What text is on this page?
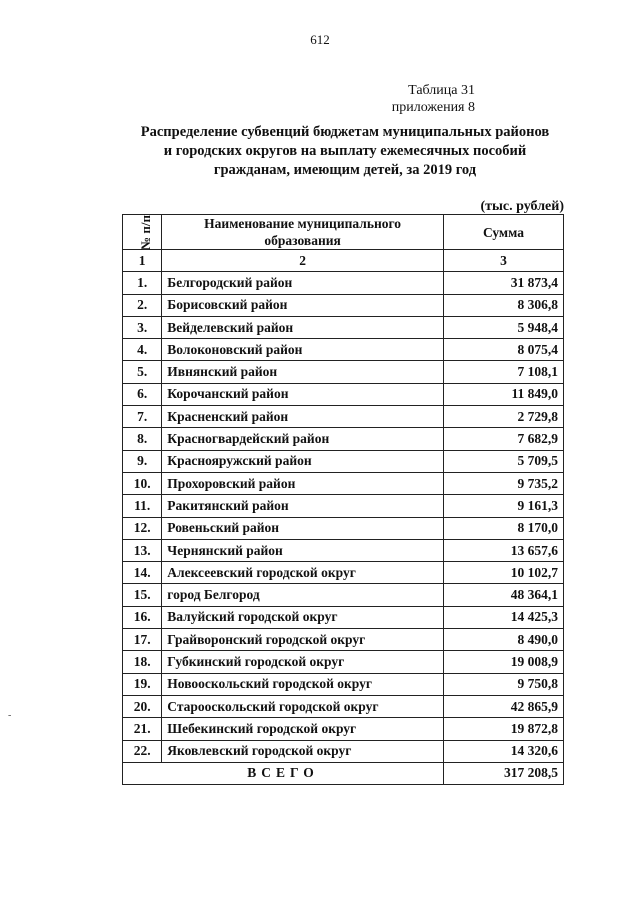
612
Таблица 31
приложения 8
Распределение субвенций бюджетам муниципальных районов
и городских округов на выплату ежемесячных пособий
гражданам, имеющим детей, за 2019 год
(тыс. рублей)
№ п/п	Наименование муниципального образования	Сумма
1	2	3
1.	Белгородский район	31 873,4
2.	Борисовский район	8 306,8
3.	Вейделевский район	5 948,4
4.	Волоконовский район	8 075,4
5.	Ивнянский район	7 108,1
6.	Корочанский район	11 849,0
7.	Красненский район	2 729,8
8.	Красногвардейский район	7 682,9
9.	Краснояружский район	5 709,5
10.	Прохоровский район	9 735,2
11.	Ракитянский район	9 161,3
12.	Ровеньский район	8 170,0
13.	Чернянский район	13 657,6
14.	Алексеевский городской округ	10 102,7
15.	город Белгород	48 364,1
16.	Валуйский городской округ	14 425,3
17.	Грайворонский городской округ	8 490,0
18.	Губкинский городской округ	19 008,9
19.	Новооскольский городской округ	9 750,8
20.	Старооскольский городской округ	42 865,9
21.	Шебекинский городской округ	19 872,8
22.	Яковлевский городской округ	14 320,6
ВСЕГО		317 208,5
-
